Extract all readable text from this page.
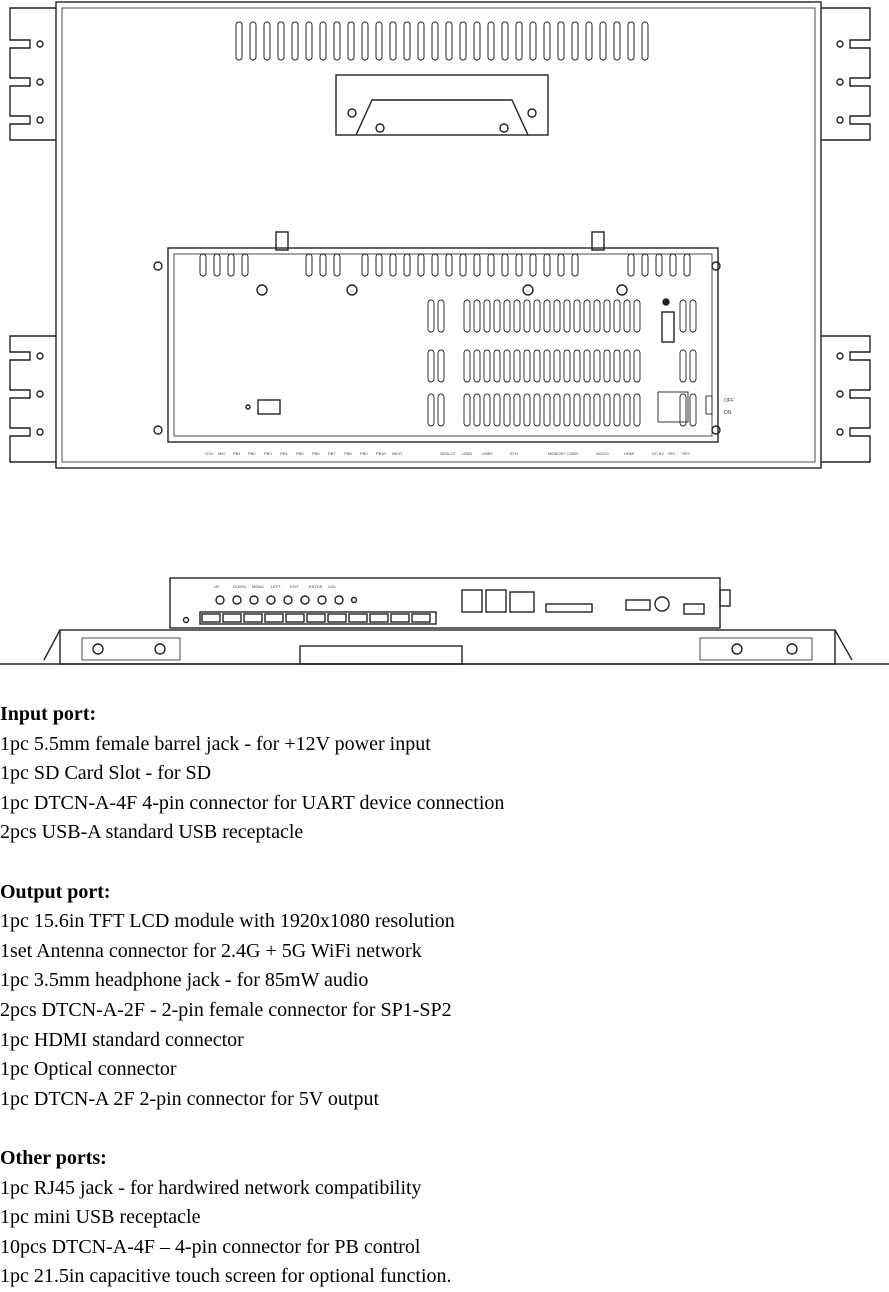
+12V MIC PB1 PB2 PB3 PB4 PB5 PB6 PB7 PB8 PB9 PB10 NEXT	SDSLOT USB1 USB2	ETH	MEMORY CARD	AUDIO	HDMI	DC 5V SP1 SP2
OFF
ON
UP	DOWN MENU LEFT EXIT	ENTER VOL
Input port:
1pc 5.5mm female barrel jack - for +12V power input
1pc SD Card Slot - for SD
1pc DTCN-A-4F 4-pin connector for UART device connection
2pcs USB-A standard USB receptacle
Output port:
1pc 15.6in TFT LCD module with 1920x1080 resolution
1set Antenna connector for 2.4G + 5G WiFi network
1pc 3.5mm headphone jack - for 85mW audio
2pcs DTCN-A-2F - 2-pin female connector for SP1-SP2
1pc HDMI standard connector
1pc Optical connector
1pc DTCN-A 2F 2-pin connector for 5V output
Other ports:
1pc RJ45 jack - for hardwired network compatibility
1pc mini USB receptacle
10pcs DTCN-A-4F – 4-pin connector for PB control
1pc 21.5in capacitive touch screen for optional function.
